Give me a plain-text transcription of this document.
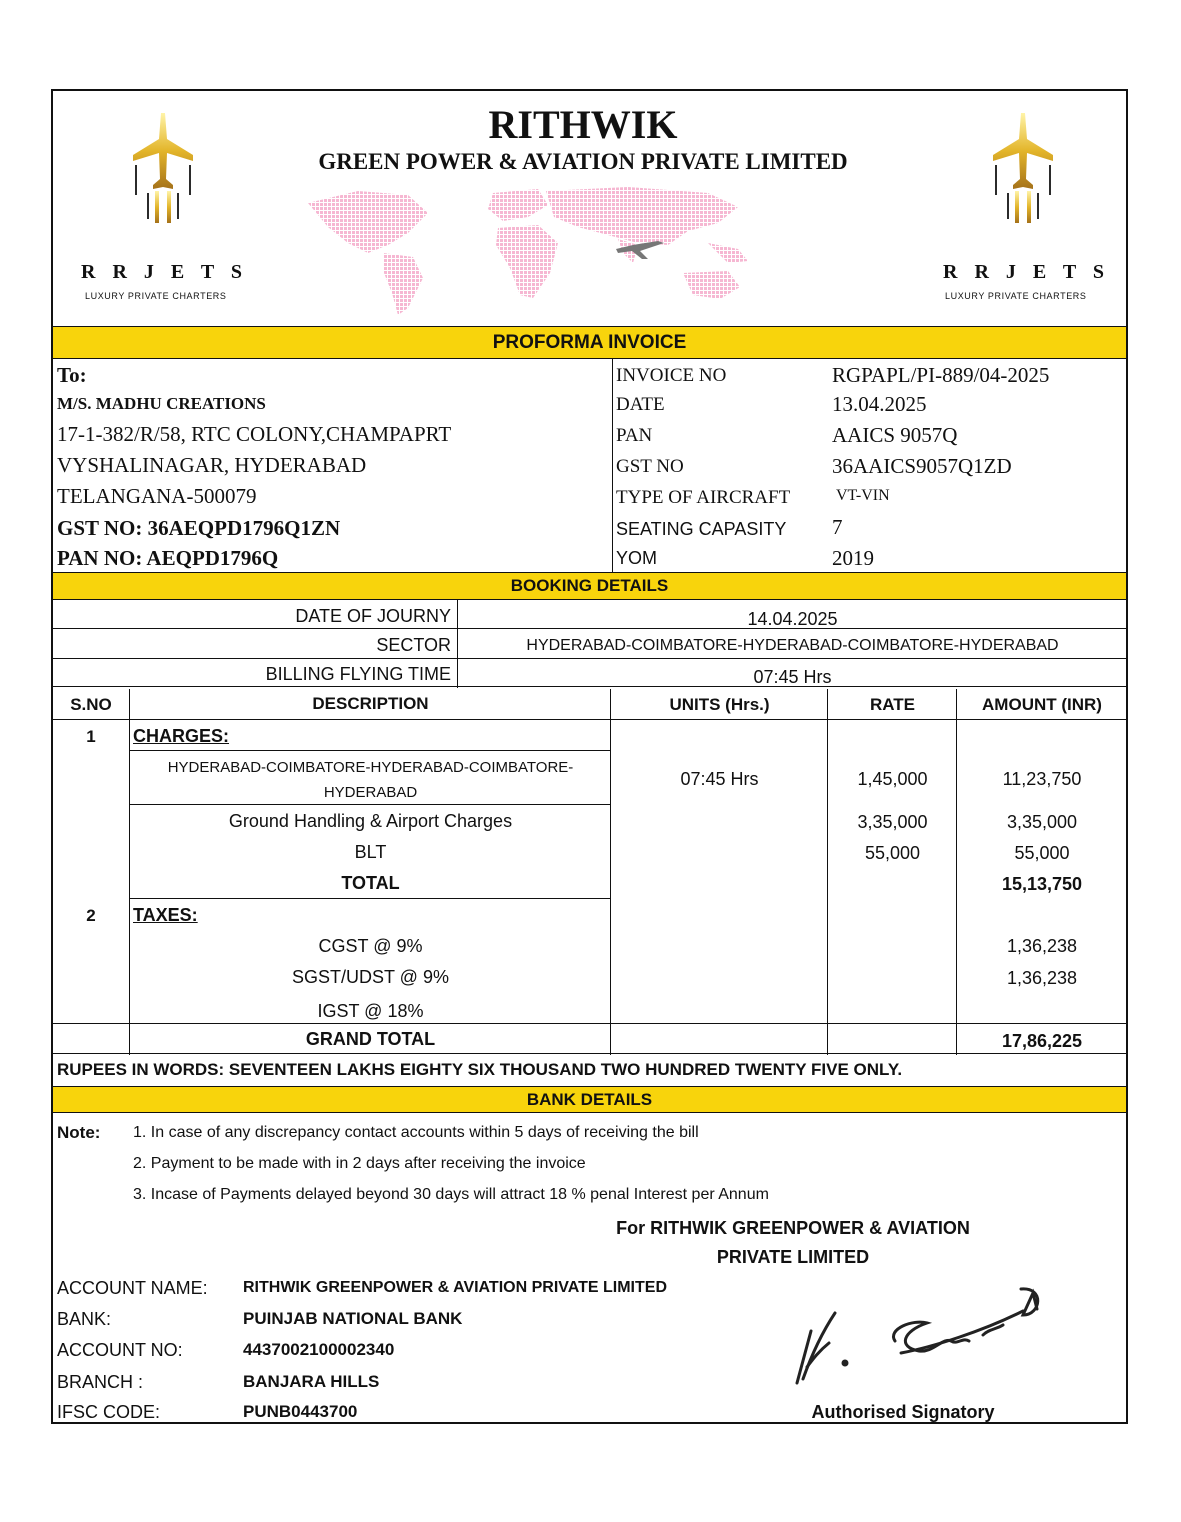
R R J E T S
LUXURY PRIVATE CHARTERS
R R J E T S
LUXURY PRIVATE CHARTERS
RITHWIK
GREEN POWER & AVIATION PRIVATE LIMITED
PROFORMA INVOICE
To:
M/S. MADHU CREATIONS
17-1-382/R/58, RTC COLONY,CHAMPAPRT
VYSHALINAGAR, HYDERABAD
TELANGANA-500079
GST NO: 36AEQPD1796Q1ZN
PAN NO: AEQPD1796Q
INVOICE NO	RGPAPL/PI-889/04-2025
DATE	13.04.2025
PAN	AAICS 9057Q
GST NO	36AAICS9057Q1ZD
TYPE OF AIRCRAFT	VT-VIN
SEATING CAPASITY 7
YOM	2019
BOOKING DETAILS
DATE OF JOURNY	14.04.2025
SECTOR	HYDERABAD-COIMBATORE-HYDERABAD-COIMBATORE-HYDERABAD
BILLING FLYING TIME	07:45 Hrs
S.NO	DESCRIPTION	UNITS (Hrs.)	RATE	AMOUNT (INR)
1	CHARGES:
HYDERABAD-COIMBATORE-HYDERABAD-COIMBATORE-
HYDERABAD
07:45 Hrs	1,45,000	11,23,750
Ground Handling & Airport Charges	3,35,000	3,35,000
BLT	55,000	55,000
TOTAL	15,13,750
2	TAXES:
CGST @ 9%	1,36,238
SGST/UDST @ 9%	1,36,238
IGST @ 18%
GRAND TOTAL	17,86,225
RUPEES IN WORDS: SEVENTEEN LAKHS EIGHTY SIX THOUSAND TWO HUNDRED TWENTY FIVE ONLY.
BANK DETAILS
Note: 1. In case of any discrepancy contact accounts within 5 days of receiving the bill
2. Payment to be made with in 2 days after receiving the invoice
3. Incase of Payments delayed beyond 30 days will attract 18 % penal Interest per Annum
For RITHWIK GREENPOWER & AVIATION
PRIVATE LIMITED
ACCOUNT NAME: RITHWIK GREENPOWER & AVIATION PRIVATE LIMITED
BANK:	PUINJAB NATIONAL BANK
ACCOUNT NO:	4437002100002340
BRANCH :	BANJARA HILLS
IFSC CODE:	PUNB0443700	Authorised Signatory
